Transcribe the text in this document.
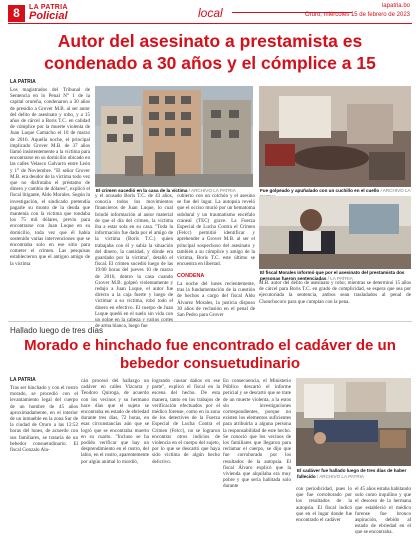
8	LA PATRIA
Policial	local	lapatria.bo
Oruro, miércoles 15 de febrero de 2023
Autor del asesinato a prestamista es condenado a 30 años y el cómplice a 15
LA PATRIA
Los magistrados del Tribunal de Sentencia en lo Penal N° 1 de la capital orureña, condenaron a 30 años de presidio a Grover M.B. al ser autor del delito de asesinato y robo, y a 15 años de cárcel a Boris T.C. en calidad de cómplice por la muerte violenta de Juan Luque Camacho el 10 de marzo de 2016. Aquella noche, el principal implicado Grover M.B. de 37 años llamó insistentemente a la víctima para encontrarse en su domicilio ubicado en las calles Velasco Galvarro entre León y 1° de Noviembre. "El señor Grover M.B. era deudor de la víctima todo vez que no disfrutaba el préstamo de dinero y cambio de dólares", explicó el fiscal litigante, Aldo Morales. Según la investigación, el sindicado pretendía pagarle su monto de la deuda que mantenía con la víctima que rondaba los 75 mil dólares, previo para encontrarse con Juan Luque en su domicilio, toda vez que él había sostenido varias intervenciones que se encontraba solo en ese sitio para cometer el crimen. Las pesquisas establecieron que el antiguo amigo de la víctima
y el acusado Boris T.C. de 43 años, conocía todos los movimientos financieros de Juan Luque, lo cual brindó información al autor material de que el día del crimen, la víctima iba a estar sola en su casa. "Toda la información fue dada por el amigo de la víctima (Boris T.C.) quien trabajaba con él y sabía la situación del dinero, la cantidad, y dónde era guardado por la víctima", detalló el fiscal. El crimen sucedió luego de las 19:00 horas del jueves 10 de marzo de 2016, dentro la casa cuando Grover M.B. golpeó violentamente y redujo a Juan Luque, el autor fue directo a la caja fuerte y luego de victimar a su víctima, robó todo el dinero en efectivo. El cuerpo de Juan Luque quedó en el suelo sin vida con de arma blanca, luego fue
cubierto con un colchón y el asesino se fue del lugar. La autopsia reveló que el occiso murió por un hematoma subdural y un traumatismo encéfalo craneal (TEC) grave. La Fuerza Especial de Lucha Contra el Crimen (Felcc) permitió identificar y aprehender a Grover M.B. al ser el principal sospechoso del asesinato y también a su cómplice y amigo de la víctima, Boris T.C. este último se encuentra en libertad.
CONDENA
La noche del lunes recientemente, tras la fundamentación de la cuestión de hechos a cargo del fiscal Aldo Álvarez Morales, la justicia dispuso 30 años de reclusión en el penal de San Pedro para Grover
M.B. autor del delito de asesinato y robo; mientras se determinó 15 años de cárcel para Boris T.C. en grado de complicidad, se espera que sea por ejecutoriada la sentencia, ambos sean trasladados al penal de Chonchocoro para que cumplan con la pena.
El crimen sucedió en la casa de la víctima / ARCHIVO LA PATRIA	Fue golpeado y apuñalado con un cuchillo en el cuello / ARCHIVO LA
El fiscal Morales informó que por el asesinato del prestamista dos personas fueron sentenciadas / LA PATRIA
Hallado luego de tres días
Morado e hinchado fue encontrado el cadáver de un bebedor consuetudinario
LA PATRIA
Tras ser hinchado y con el rostro morado, se procedió con el levantamiento legal del cuerpo de un hombre de 45 años aproximadamente, en el interior de un inmueble en la zona Sur de la ciudad de Oruro a las 12:52 horas del lunes, de acuerdo con sus familiares, se trataría de un bebedor consuetudinario. El fiscal Gonzalo Ala-
cán procesó del hallazgo un cadáver en calles Vizcarra y Teodoro Quiroga, de acuerdo con los vecinos y su hermano hace días que el sujeto se encontraba en estado de ebriedad durante tres días, 72 horas, en esas circunstancias aún que se logró que se encontraba muerto en su cuarto. "Incluso se ha podido verificar que hay un desprendimiento en el rostro, del labio, en el rostro, aparentemente por algún animal lo mordió,
logrando causar daños en ese parte", explicó el fiscal en la escena del hecho. De esta manera, tanto en los trabajos de verificación efectuados por el médico forense, como en la zona de los detectives de la Fuerza Especial de Lucha Contra el Crimen (Felcc), no se lograron encontrar otros indicios de violencia en el cuerpo del sujeto, por lo que se descartó que haya sido víctima de algún hecho delictivo.
En consecuencia, el Ministerio Público descartó el informe pericial y se descartó que se trate de un muerte violenta, a la estos sin investigaciones correspondientes, porque no existen los elementos suficientes para atribuirla a alguna persona la responsabilidad de este hecho. Se conoció que los vecinos de los familiares que llegaron para reclamar el cuerpo, se dijo que fue corroborado por los resultados de la autopsia. El fiscal Álvaro explicó que la vivienda que alquilaba era muy pobre y que sería habitada solo durante
El cadáver fue hallado luego de tres días de haber fallecido / ARCHIVO LA PATRIA
con periodicidad, pues lo que fue corroborado por los resultados de la autopsia. El fiscal indicó que en el lugar donde fue encontrado el cadáver
el 45 años estaba habitando solo como inquilino y que el desceso de la hermana que estableció el médico forense fue bronco aspiración, debido al estado de ebriedad en el que se encontraba.
